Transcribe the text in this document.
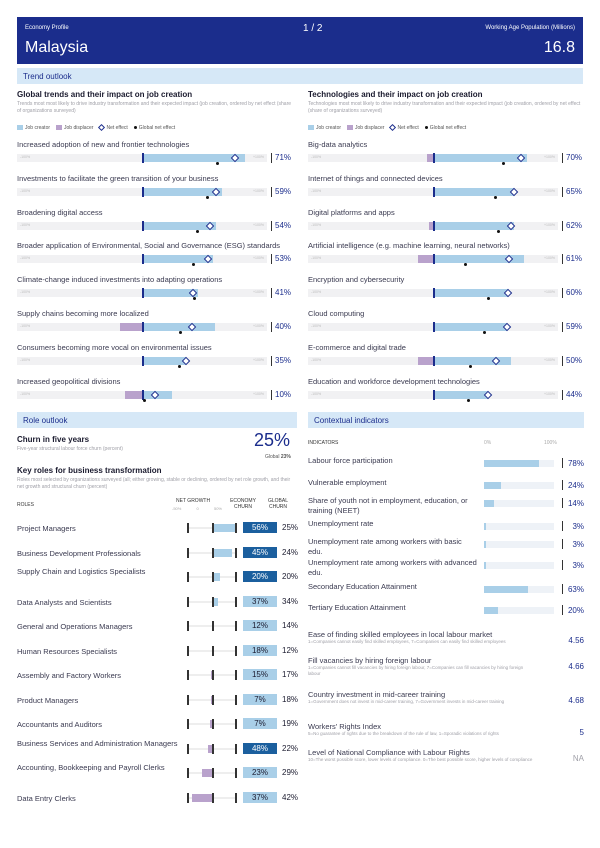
Economy Profile	1 / 2	Working Age Population (Millions)
Malaysia	16.8
Trend outlook
Global trends and their impact on job creation
Trends most most likely to drive industry transformation and their expected impact (job creation, ordered by net effect (share of organizations surveyed)
Technologies and their impact on job creation
Technologies most most likely to drive industry transformation and their expected impact (job creation, ordered by net effect (share of organizations surveyed)
Job creator	Job displacer	Net effect	Global net effect	Job creator	Job displacer	Net effect	Global net effect
Increased adoption of new and frontier technologies
-100%	+100% 71%
Investments to facilitate the green transition of your business
-100%	+100% 59%
Broadening digital access
-100%	+100% 54%
Broader application of Environmental, Social and Governance (ESG) standards
-100%	+100% 53%
Climate-change induced investments into adapting operations
-100%	+100% 41%
Supply chains becoming more localized
-100%	+100% 40%
Consumers becoming more vocal on environmental issues
-100%	+100% 35%
Increased geopolitical divisions
-100%	+100% 10%
Big-data analytics
-100%	+100% 70%
Internet of things and connected devices
-100%	+100% 65%
Digital platforms and apps
-100%	+100% 62%
Artificial intelligence (e.g. machine learning, neural networks)
-100%	+100% 61%
Encryption and cybersecurity
-100%	+100% 60%
Cloud computing
-100%	+100% 59%
E-commerce and digital trade
-100%	+100% 50%
Education and workforce development technologies
-100%	+100% 44%
Role outlook	Contextual indicators
Churn in five years
Five-year structural labour force churn (percent)	25%
Global 23%
Key roles for business transformation
Roles most selected by organizations surveyed (all; either growing, stable or declining, ordered by net role growth, and their net growth and structural churn (percent)
ROLES
NET GROWTH	ECONOMY CHURN
GLOBAL CHURN
-50%	0	50%
Project Managers	56%	25%
Business Development Professionals	45%	24%
Supply Chain and Logistics Specialists
20%	20%
Data Analysts and Scientists	37%	34%
General and Operations Managers	12%	14%
Human Resources Specialists	18%	12%
Assembly and Factory Workers	15%	17%
Product Managers	7%	18%
Accountants and Auditors	7%	19%
Business Services and Administration Managers
48%	22%
Accounting, Bookkeeping and Payroll Clerks
23%	29%
Data Entry Clerks	37%	42%
INDICATORS	0%	100%
Labour force participation	78%
Vulnerable employment	24%
Share of youth not in employment, education, or training (NEET)
14%
Unemployment rate	3%
Unemployment rate among workers with basic edu.
3%
Unemployment rate among workers with advanced edu.
3%
Secondary Education Attainment	63%
Tertiary Education Attainment	20%
Ease of finding skilled employees in local labour market
1=Companies cannot easily find skilled employees, 7=Companies can easily find skilled employees	4.56
Fill vacancies by hiring foreign labour
1=Companies cannot fill vacancies by hiring foreign labour, 7=Companies can fill vacancies by hiring foreign labour
4.66
Country investment in mid-career training
1=Government does not invest in mid-career training, 7=Government invests in mid-career training	4.68
Workers' Rights Index
5=No guarantee of rights due to the breakdown of the rule of law, 1=Sporadic violations of rights	5
Level of National Compliance with Labour Rights
10=The worst possible score, lower levels of compliance. 0=The best possible score, higher levels of compliance	NA
